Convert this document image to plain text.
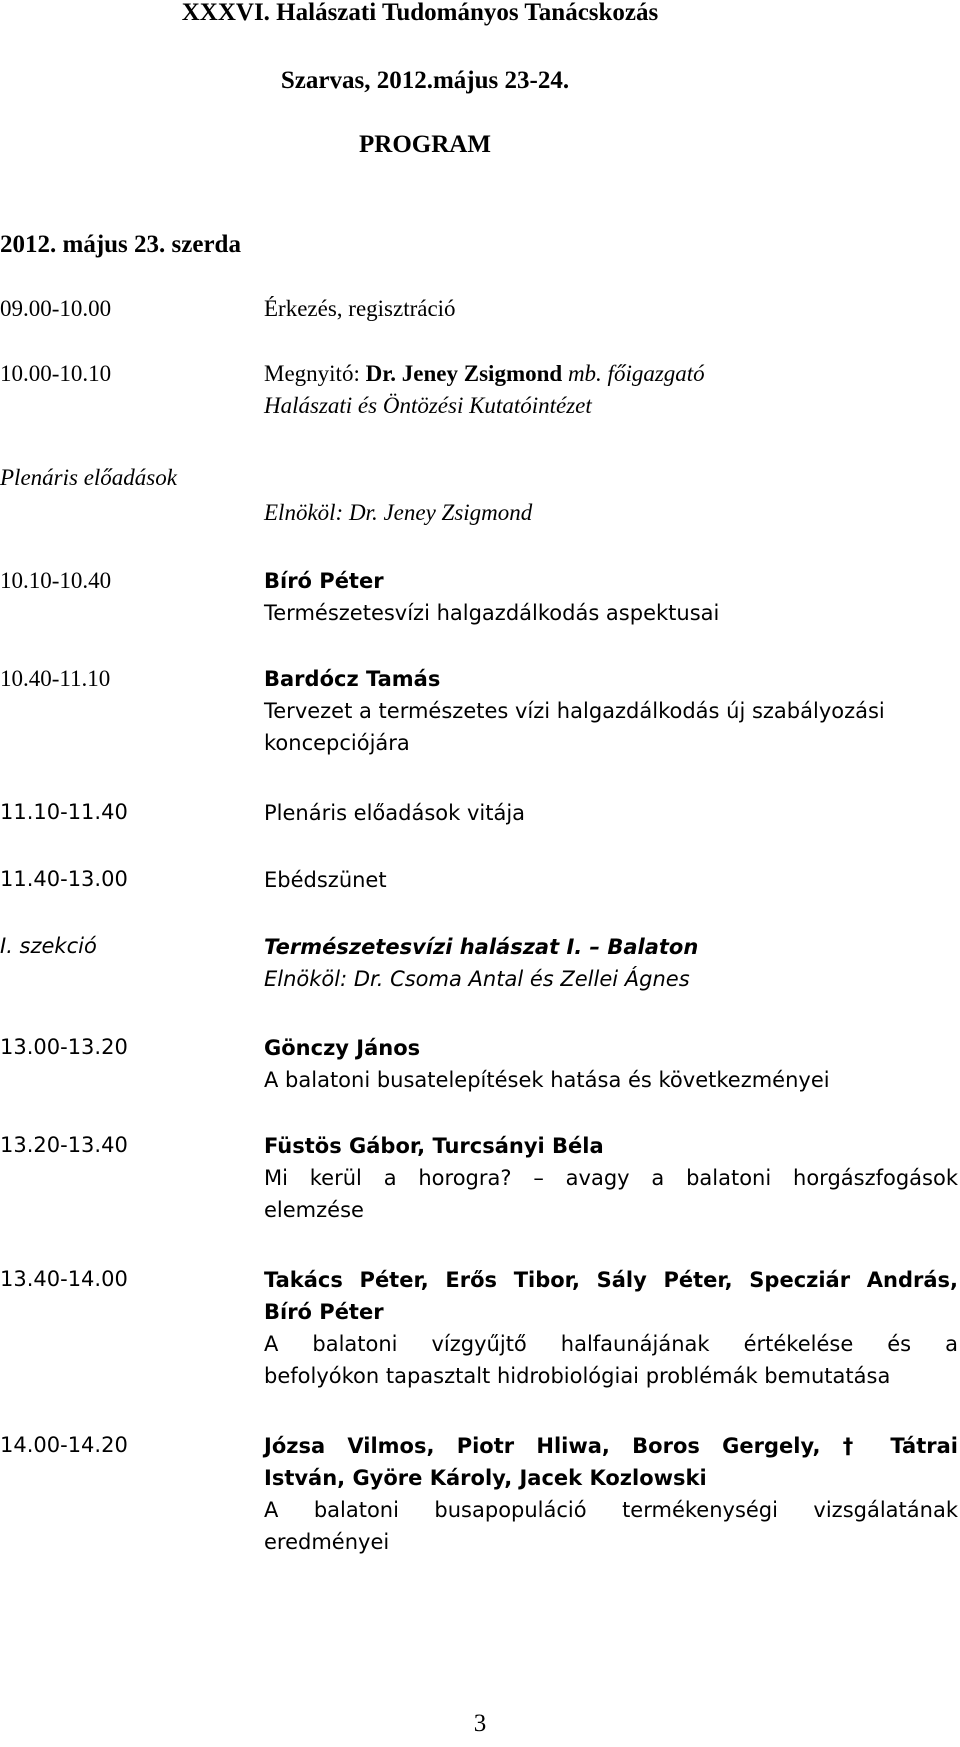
XXXVI. Halászati Tudományos Tanácskozás
Szarvas, 2012.május 23-24.
PROGRAM
2012. május 23. szerda
09.00-10.00	Érkezés, regisztráció
10.00-10.10	Megnyitó: Dr. Jeney Zsigmond mb. főigazgató
Halászati és Öntözési Kutatóintézet
Plenáris előadások
Elnököl: Dr. Jeney Zsigmond
10.10-10.40	Bíró Péter
Természetesvízi halgazdálkodás aspektusai
10.40-11.10	Bardócz Tamás
Tervezet a természetes vízi halgazdálkodás új szabályozási
koncepciójára
11.10-11.40	Plenáris előadások vitája
11.40-13.00	Ebédszünet
I. szekció	Természetesvízi halászat I. – Balaton
Elnököl: Dr. Csoma Antal és Zellei Ágnes
13.00-13.20	Gönczy János
A balatoni busatelepítések hatása és következményei
13.20-13.40	Füstös Gábor, Turcsányi Béla
Mi kerül a horogra? – avagy a balatoni horgászfogások
elemzése
13.40-14.00	Takács Péter, Erős Tibor, Sály Péter, Specziár András,
Bíró Péter
A balatoni vízgyűjtő halfaunájának értékelése és a
befolyókon tapasztalt hidrobiológiai problémák bemutatása
14.00-14.20	Józsa Vilmos, Piotr Hliwa, Boros Gergely, † Tátrai
István, Györe Károly, Jacek Kozlowski
A balatoni busapopuláció termékenységi vizsgálatának
eredményei
3
